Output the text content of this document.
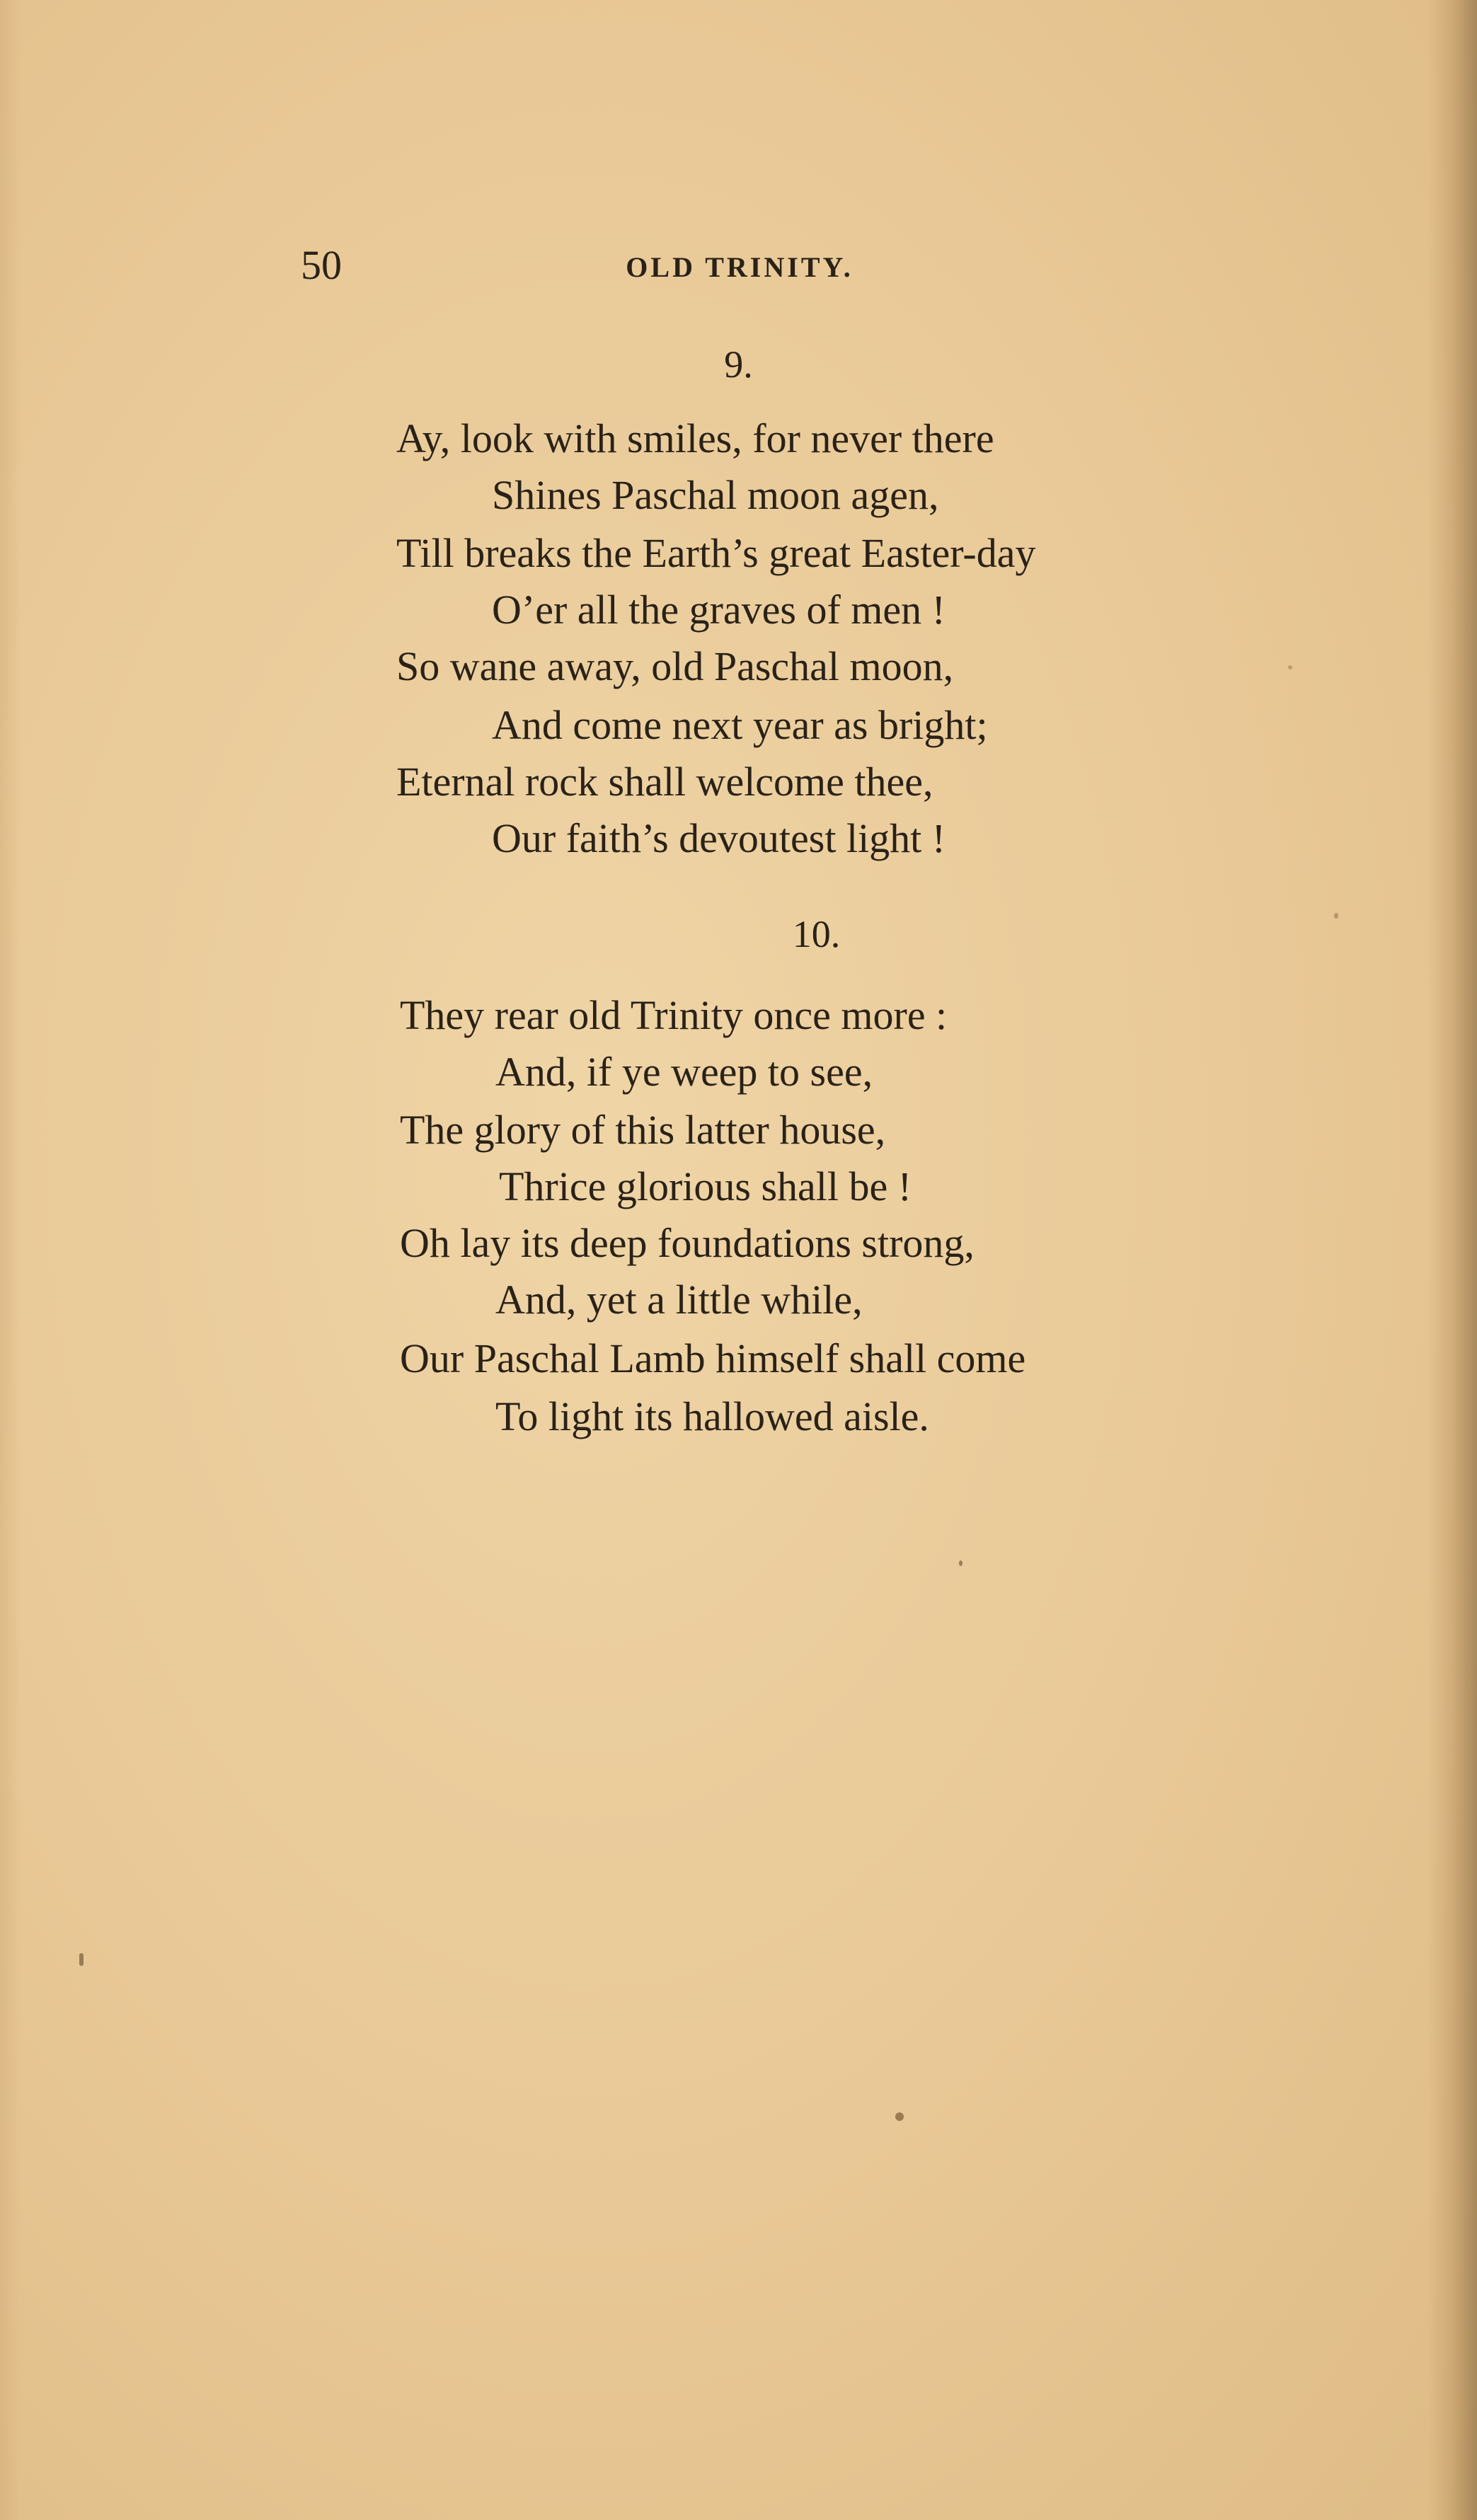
50	OLD TRINITY.
9.
Ay, look with smiles, for never there
Shines Paschal moon agen,
Till breaks the Earth’s great Easter-day
O’er all the graves of men !
So wane away, old Paschal moon,
And come next year as bright;
Eternal rock shall welcome thee,
Our faith’s devoutest light !
10.
They rear old Trinity once more :
And, if ye weep to see,
The glory of this latter house,
Thrice glorious shall be !
Oh lay its deep foundations strong,
And, yet a little while,
Our Paschal Lamb himself shall come
To light its hallowed aisle.
